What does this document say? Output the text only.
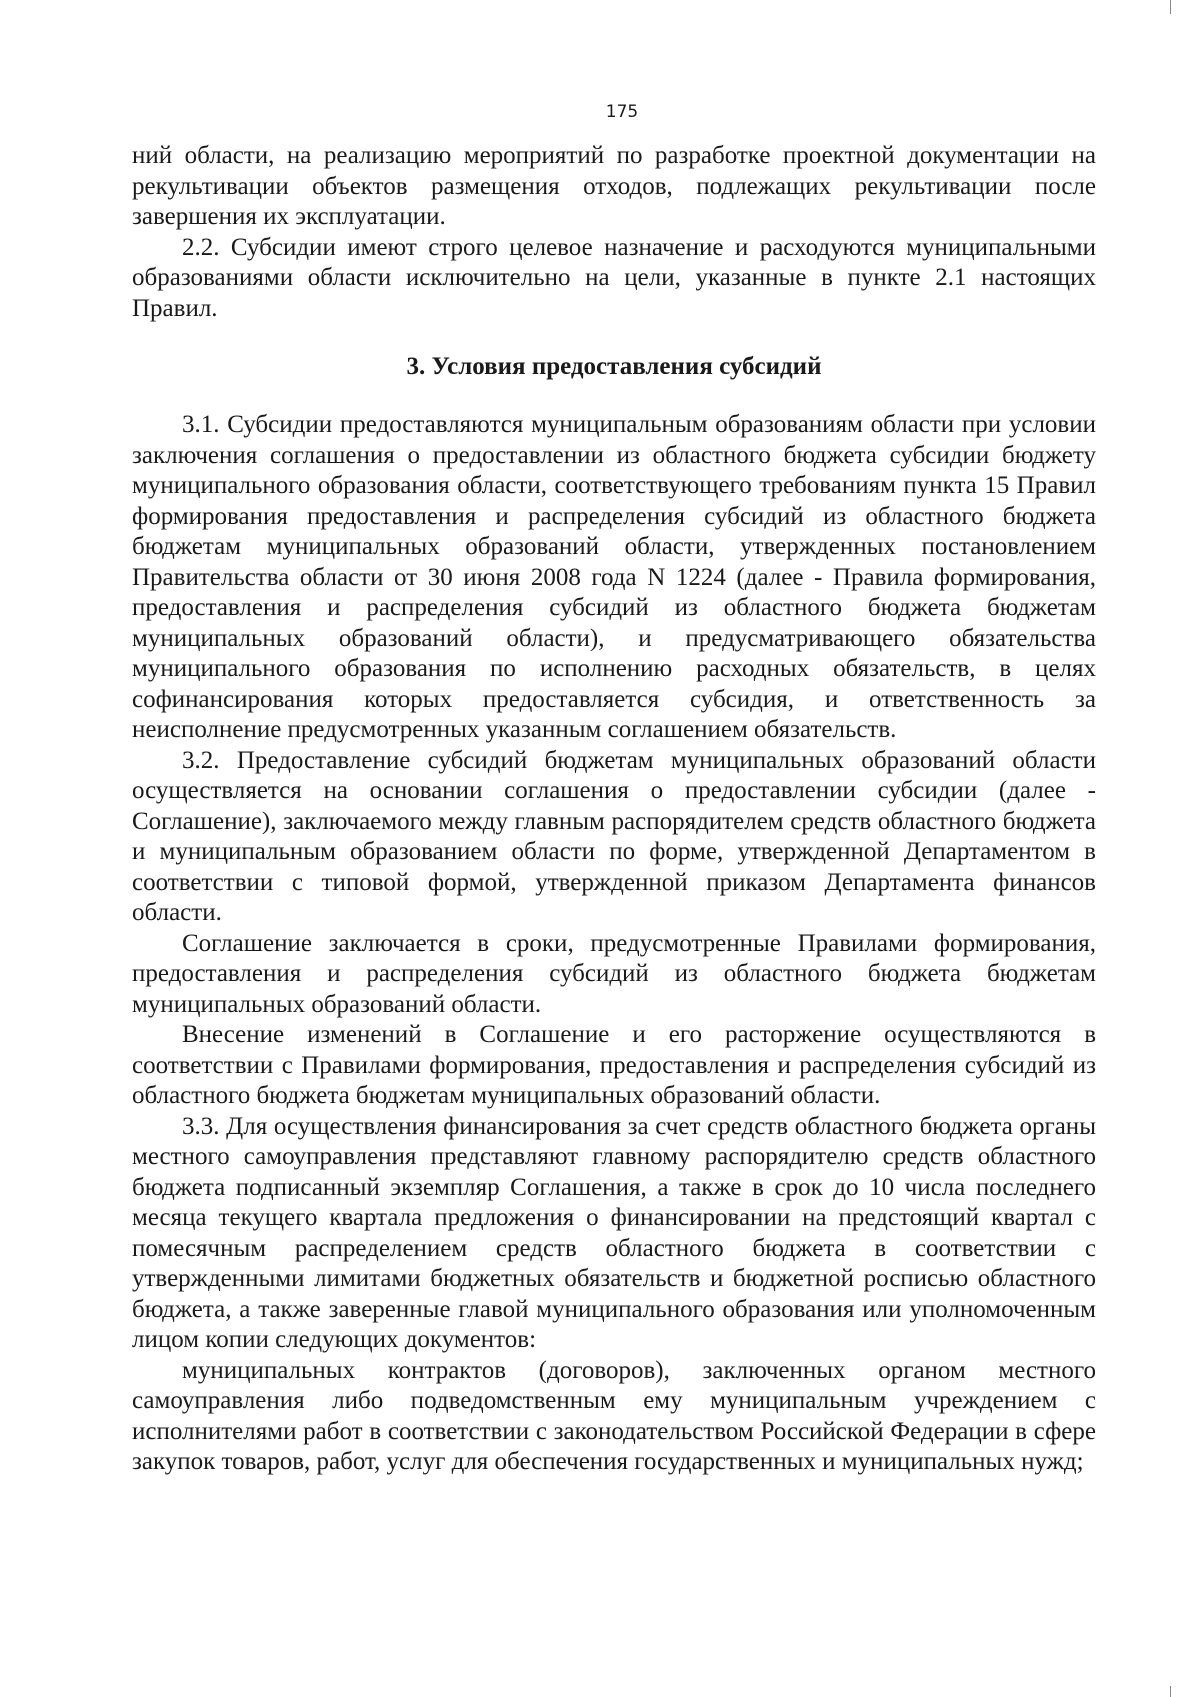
175

ний области, на реализацию мероприятий по разработке проектной документации на рекультивации объектов размещения отходов, подлежащих рекультивации после завершения их эксплуатации.

2.2. Субсидии имеют строго целевое назначение и расходуются муниципальными образованиями области исключительно на цели, указанные в пункте 2.1 настоящих Правил.

3. Условия предоставления субсидий

3.1. Субсидии предоставляются муниципальным образованиям области при условии заключения соглашения о предоставлении из областного бюджета субсидии бюджету муниципального образования области, соответствующего требованиям пункта 15 Правил формирования предоставления и распределения субсидий из областного бюджета бюджетам муниципальных образований области, утвержденных постановлением Правительства области от 30 июня 2008 года N 1224 (далее - Правила формирования, предоставления и распределения субсидий из областного бюджета бюджетам муниципальных образований области), и предусматривающего обязательства муниципального образования по исполнению расходных обязательств, в целях софинансирования которых предоставляется субсидия, и ответственность за неисполнение предусмотренных указанным соглашением обязательств.

3.2. Предоставление субсидий бюджетам муниципальных образований области осуществляется на основании соглашения о предоставлении субсидии (далее - Соглашение), заключаемого между главным распорядителем средств областного бюджета и муниципальным образованием области по форме, утвержденной Департаментом в соответствии с типовой формой, утвержденной приказом Департамента финансов области.

Соглашение заключается в сроки, предусмотренные Правилами формирования, предоставления и распределения субсидий из областного бюджета бюджетам муниципальных образований области.

Внесение изменений в Соглашение и его расторжение осуществляются в соответствии с Правилами формирования, предоставления и распределения субсидий из областного бюджета бюджетам муниципальных образований области.

3.3. Для осуществления финансирования за счет средств областного бюджета органы местного самоуправления представляют главному распорядителю средств областного бюджета подписанный экземпляр Соглашения, а также в срок до 10 числа последнего месяца текущего квартала предложения о финансировании на предстоящий квартал с помесячным распределением средств областного бюджета в соответствии с утвержденными лимитами бюджетных обязательств и бюджетной росписью областного бюджета, а также заверенные главой муниципального образования или уполномоченным лицом копии следующих документов:

муниципальных контрактов (договоров), заключенных органом местного самоуправления либо подведомственным ему муниципальным учреждением с исполнителями работ в соответствии с законодательством Российской Федерации в сфере закупок товаров, работ, услуг для обеспечения государственных и муниципальных нужд;
